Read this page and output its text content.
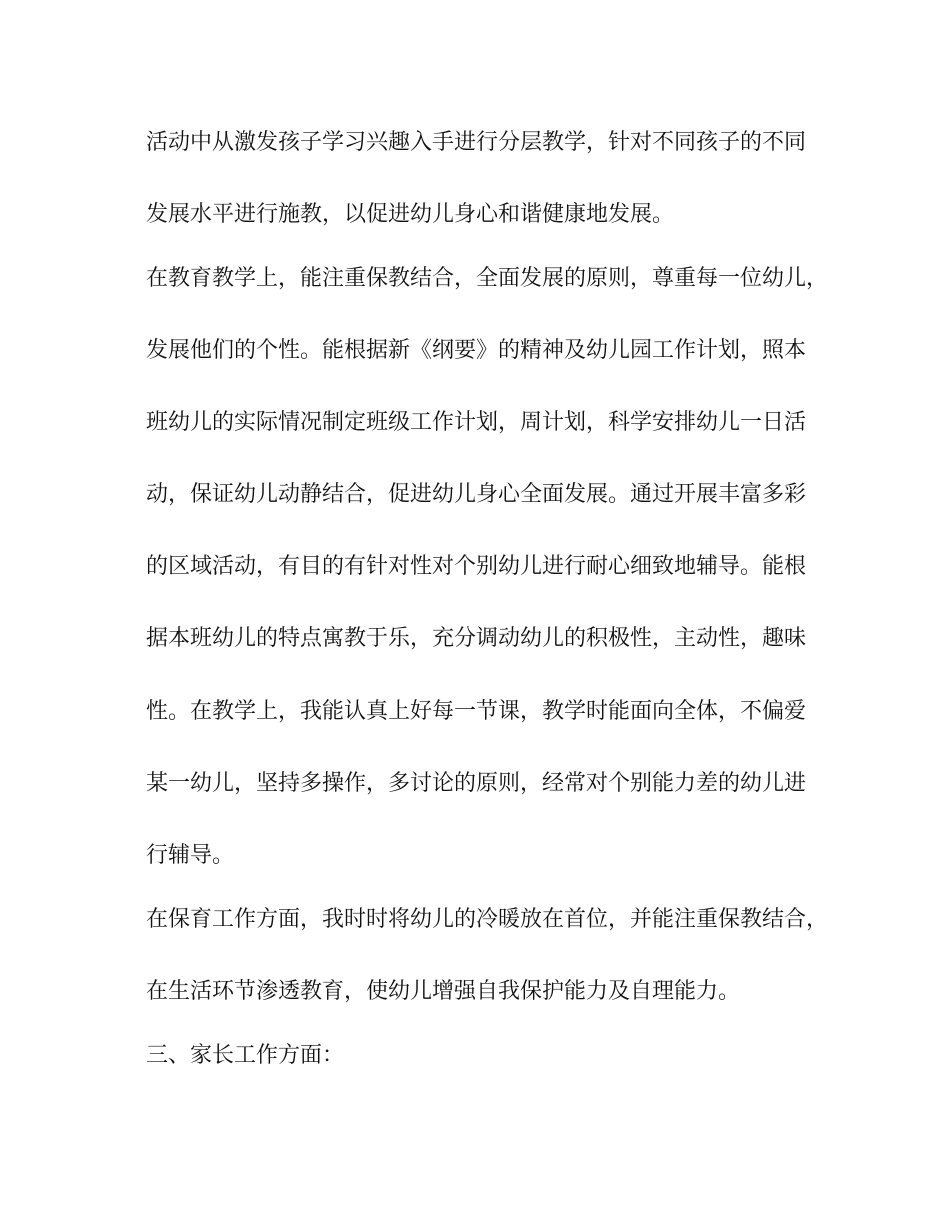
活动中从激发孩子学习兴趣入手进行分层教学，针对不同孩子的不同
发展水平进行施教，以促进幼儿身心和谐健康地发展。
在教育教学上，能注重保教结合，全面发展的原则，尊重每一位幼儿，
发展他们的个性。能根据新《纲要》的精神及幼儿园工作计划，照本
班幼儿的实际情况制定班级工作计划，周计划，科学安排幼儿一日活
动，保证幼儿动静结合，促进幼儿身心全面发展。通过开展丰富多彩
的区域活动，有目的有针对性对个别幼儿进行耐心细致地辅导。能根
据本班幼儿的特点寓教于乐，充分调动幼儿的积极性，主动性，趣味
性。在教学上，我能认真上好每一节课，教学时能面向全体，不偏爱
某一幼儿，坚持多操作，多讨论的原则，经常对个别能力差的幼儿进
行辅导。
在保育工作方面，我时时将幼儿的冷暖放在首位，并能注重保教结合，
在生活环节渗透教育，使幼儿增强自我保护能力及自理能力。
三、家长工作方面：
